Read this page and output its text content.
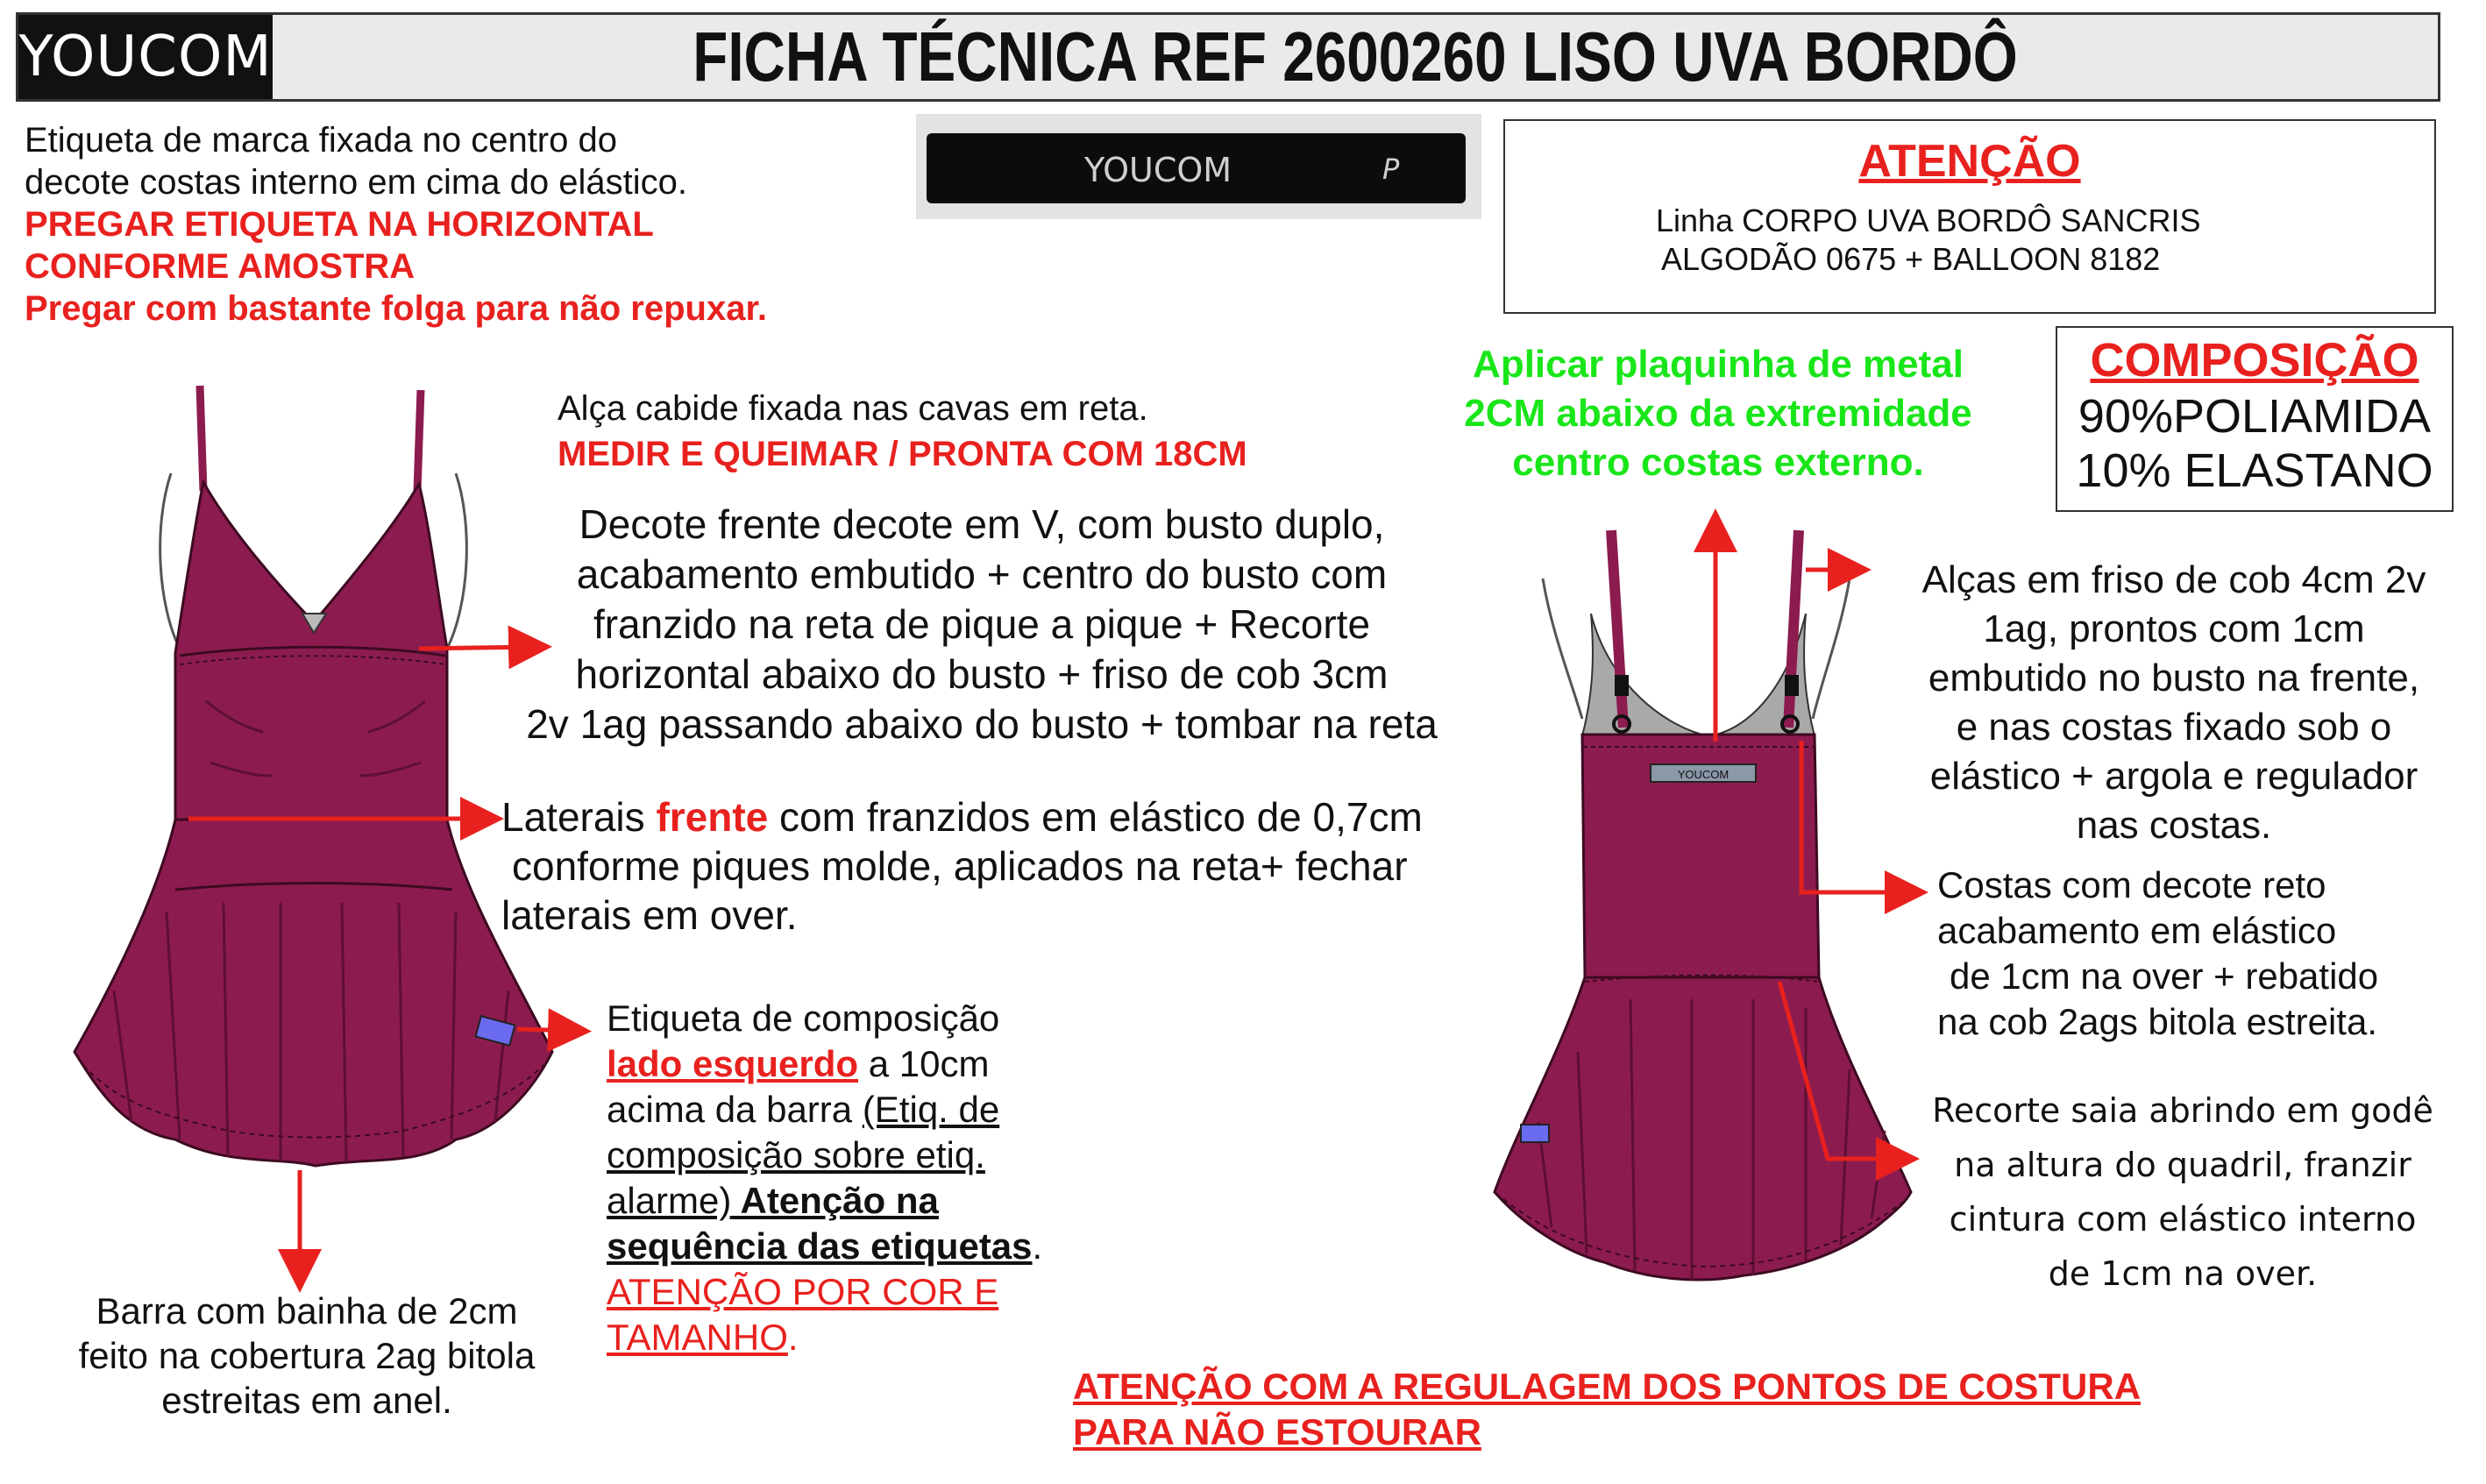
YOUCOM	FICHA TÉCNICA REF 2600260 LISO UVA BORDÔ
Etiqueta de marca fixada no centro do
decote costas interno em cima do elástico.
PREGAR ETIQUETA NA HORIZONTAL
CONFORME AMOSTRA
Pregar com bastante folga para não repuxar.
YOUCOM	P	ATENÇÃO
Linha CORPO UVA BORDÔ SANCRIS
ALGODÃO 0675 + BALLOON 8182
Aplicar plaquinha de metal
2CM abaixo da extremidade
centro costas externo.
COMPOSIÇÃO
90%POLIAMIDA
10% ELASTANO
Alça cabide fixada nas cavas em reta.
MEDIR E QUEIMAR / PRONTA COM 18CM
Decote frente decote em V, com busto duplo,
acabamento embutido + centro do busto com
franzido na reta de pique a pique + Recorte
horizontal abaixo do busto + friso de cob 3cm
2v 1ag passando abaixo do busto + tombar na reta
Laterais frente com franzidos em elástico de 0,7cm
conforme piques molde, aplicados na reta+ fechar
laterais em over.
Etiqueta de composição
lado esquerdo a 10cm
acima da barra (Etiq. de
composição sobre etiq.
alarme) Atenção na
sequência das etiquetas.
ATENÇÃO POR COR E
TAMANHO.
Barra com bainha de 2cm
feito na cobertura 2ag bitola
estreitas em anel.
Alças em friso de cob 4cm 2v
1ag, prontos com 1cm
embutido no busto na frente,
e nas costas fixado sob o
elástico + argola e regulador
nas costas.
Costas com decote reto
acabamento em elástico
de 1cm na over + rebatido
na cob 2ags bitola estreita.
Recorte saia abrindo em godê
na altura do quadril, franzir
cintura com elástico interno
de 1cm na over.
ATENÇÃO COM A REGULAGEM DOS PONTOS DE COSTURA
PARA NÃO ESTOURAR
YOUCOM
